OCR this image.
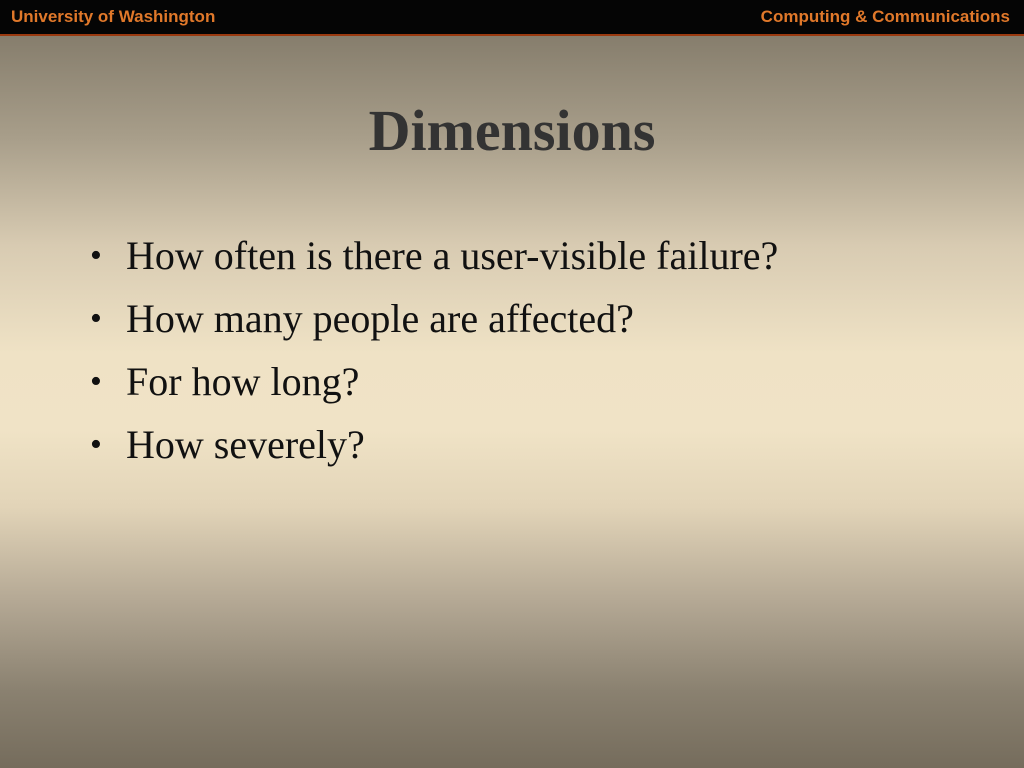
University of Washington	Computing & Communications
Dimensions
• How often is there a user-visible failure?
• How many people are affected?
• For how long?
• How severely?
